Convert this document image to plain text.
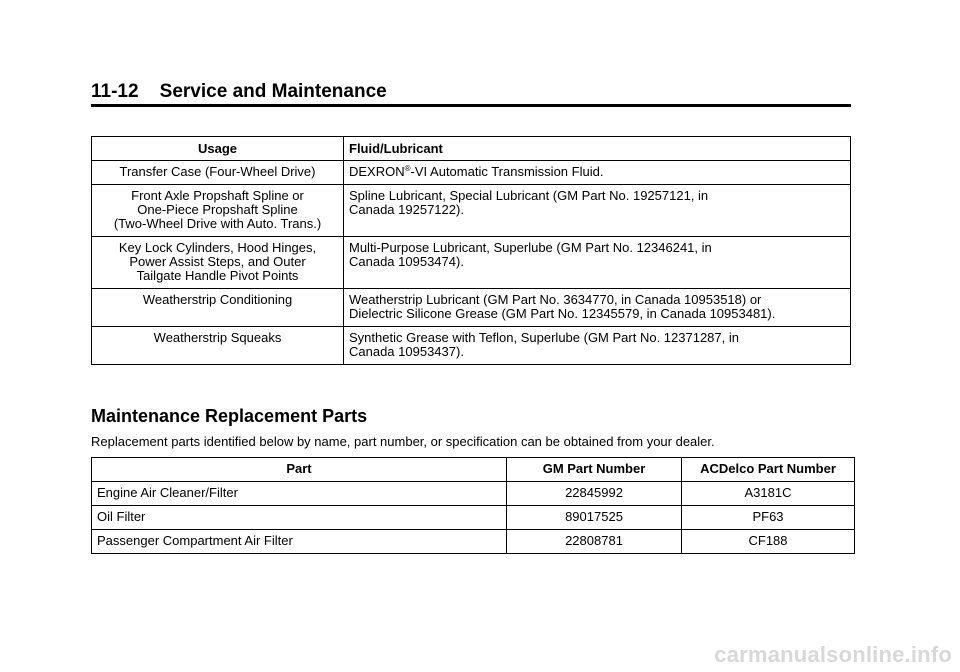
11-12 Service and Maintenance
Usage	Fluid/Lubricant
Transfer Case (Four-Wheel Drive)	DEXRON®-VI Automatic Transmission Fluid.
Front Axle Propshaft Spline or
One-Piece Propshaft Spline
(Two-Wheel Drive with Auto. Trans.)	Spline Lubricant, Special Lubricant (GM Part No. 19257121, in
Canada 19257122).
Key Lock Cylinders, Hood Hinges,
Power Assist Steps, and Outer
Tailgate Handle Pivot Points	Multi-Purpose Lubricant, Superlube (GM Part No. 12346241, in
Canada 10953474).
Weatherstrip Conditioning	Weatherstrip Lubricant (GM Part No. 3634770, in Canada 10953518) or
Dielectric Silicone Grease (GM Part No. 12345579, in Canada 10953481).
Weatherstrip Squeaks	Synthetic Grease with Teflon, Superlube (GM Part No. 12371287, in
Canada 10953437).
Maintenance Replacement Parts

Replacement parts identified below by name, part number, or specification can be obtained from your dealer.

Part	GM Part Number	ACDelco Part Number
Engine Air Cleaner/Filter	22845992	A3181C
Oil Filter	89017525	PF63
Passenger Compartment Air Filter	22808781	CF188

carmanualsonline.info
